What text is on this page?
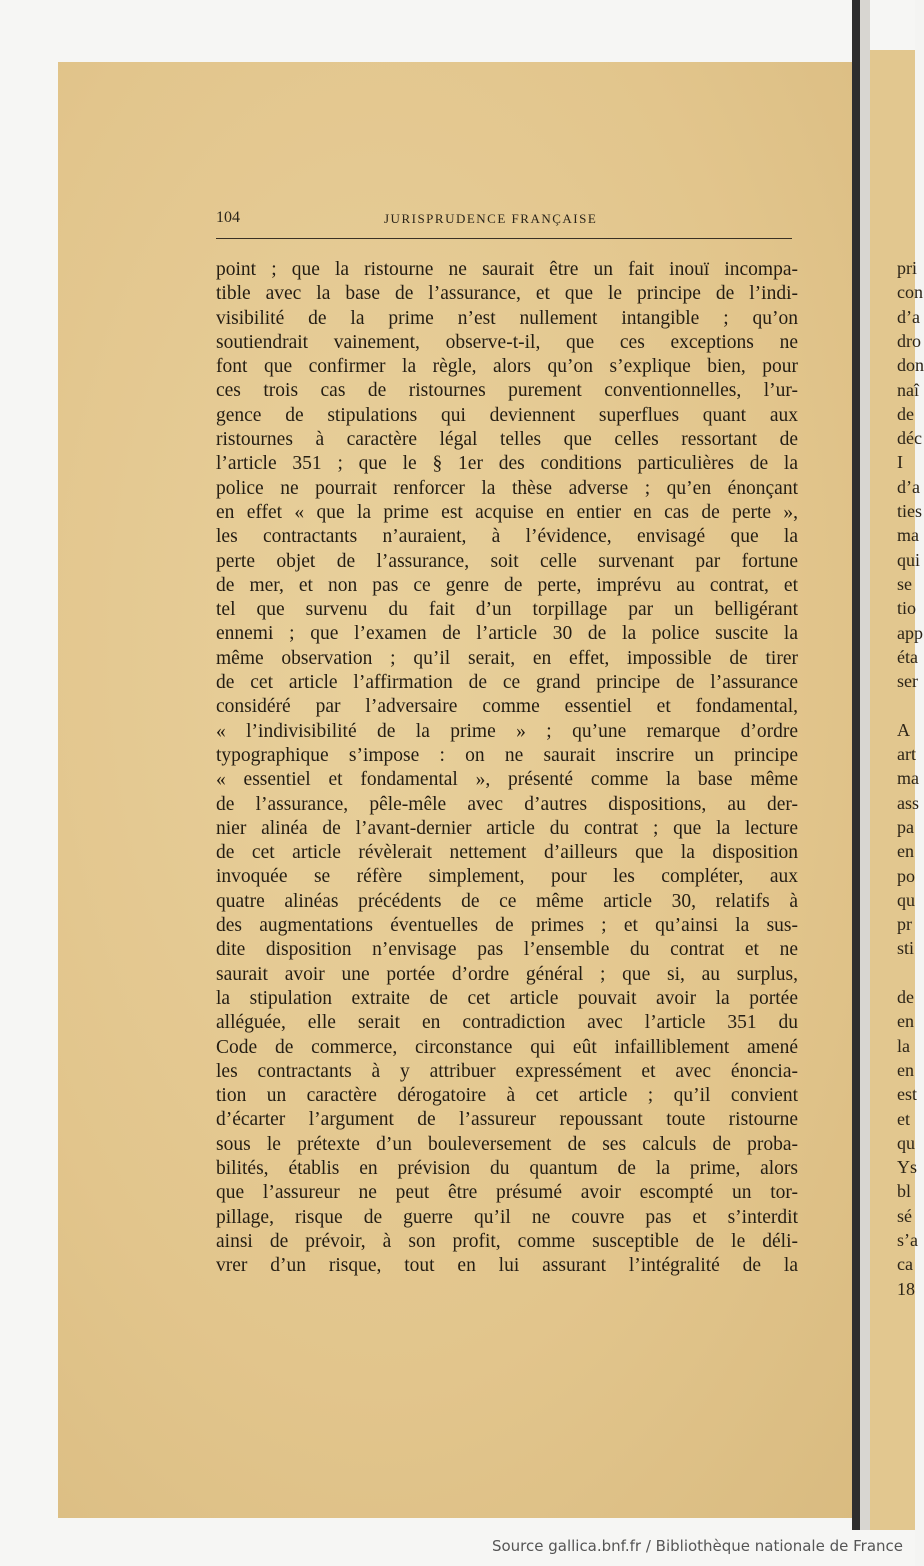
pri
con
d’a
dro
don
naî
de
déc
I
d’a
ties
ma
qui
se
tio
app
éta
ser
A
art
ma
ass
pa
en
po
qu
pr
sti
de
en
la
en
est
et
qu
Ys
bl
sé
s’a
ca
18
104	JURISPRUDENCE FRANÇAISE
point ; que la ristourne ne saurait être un fait inouï incompa-
tible avec la base de l’assurance, et que le principe de l’indi-
visibilité de la prime n’est nullement intangible ; qu’on
soutiendrait vainement, observe-t-il, que ces exceptions ne
font que confirmer la règle, alors qu’on s’explique bien, pour
ces trois cas de ristournes purement conventionnelles, l’ur-
gence de stipulations qui deviennent superflues quant aux
ristournes à caractère légal telles que celles ressortant de
l’article 351 ; que le § 1er des conditions particulières de la
police ne pourrait renforcer la thèse adverse ; qu’en énonçant
en effet « que la prime est acquise en entier en cas de perte »,
les contractants n’auraient, à l’évidence, envisagé que la
perte objet de l’assurance, soit celle survenant par fortune
de mer, et non pas ce genre de perte, imprévu au contrat, et
tel que survenu du fait d’un torpillage par un belligérant
ennemi ; que l’examen de l’article 30 de la police suscite la
même observation ; qu’il serait, en effet, impossible de tirer
de cet article l’affirmation de ce grand principe de l’assurance
considéré par l’adversaire comme essentiel et fondamental,
« l’indivisibilité de la prime » ; qu’une remarque d’ordre
typographique s’impose : on ne saurait inscrire un principe
« essentiel et fondamental », présenté comme la base même
de l’assurance, pêle-mêle avec d’autres dispositions, au der-
nier alinéa de l’avant-dernier article du contrat ; que la lecture
de cet article révèlerait nettement d’ailleurs que la disposition
invoquée se réfère simplement, pour les compléter, aux
quatre alinéas précédents de ce même article 30, relatifs à
des augmentations éventuelles de primes ; et qu’ainsi la sus-
dite disposition n’envisage pas l’ensemble du contrat et ne
saurait avoir une portée d’ordre général ; que si, au surplus,
la stipulation extraite de cet article pouvait avoir la portée
alléguée, elle serait en contradiction avec l’article 351 du
Code de commerce, circonstance qui eût infailliblement amené
les contractants à y attribuer expressément et avec énoncia-
tion un caractère dérogatoire à cet article ; qu’il convient
d’écarter l’argument de l’assureur repoussant toute ristourne
sous le prétexte d’un bouleversement de ses calculs de proba-
bilités, établis en prévision du quantum de la prime, alors
que l’assureur ne peut être présumé avoir escompté un tor-
pillage, risque de guerre qu’il ne couvre pas et s’interdit
ainsi de prévoir, à son profit, comme susceptible de le déli-
vrer d’un risque, tout en lui assurant l’intégralité de la
Source gallica.bnf.fr / Bibliothèque nationale de France
